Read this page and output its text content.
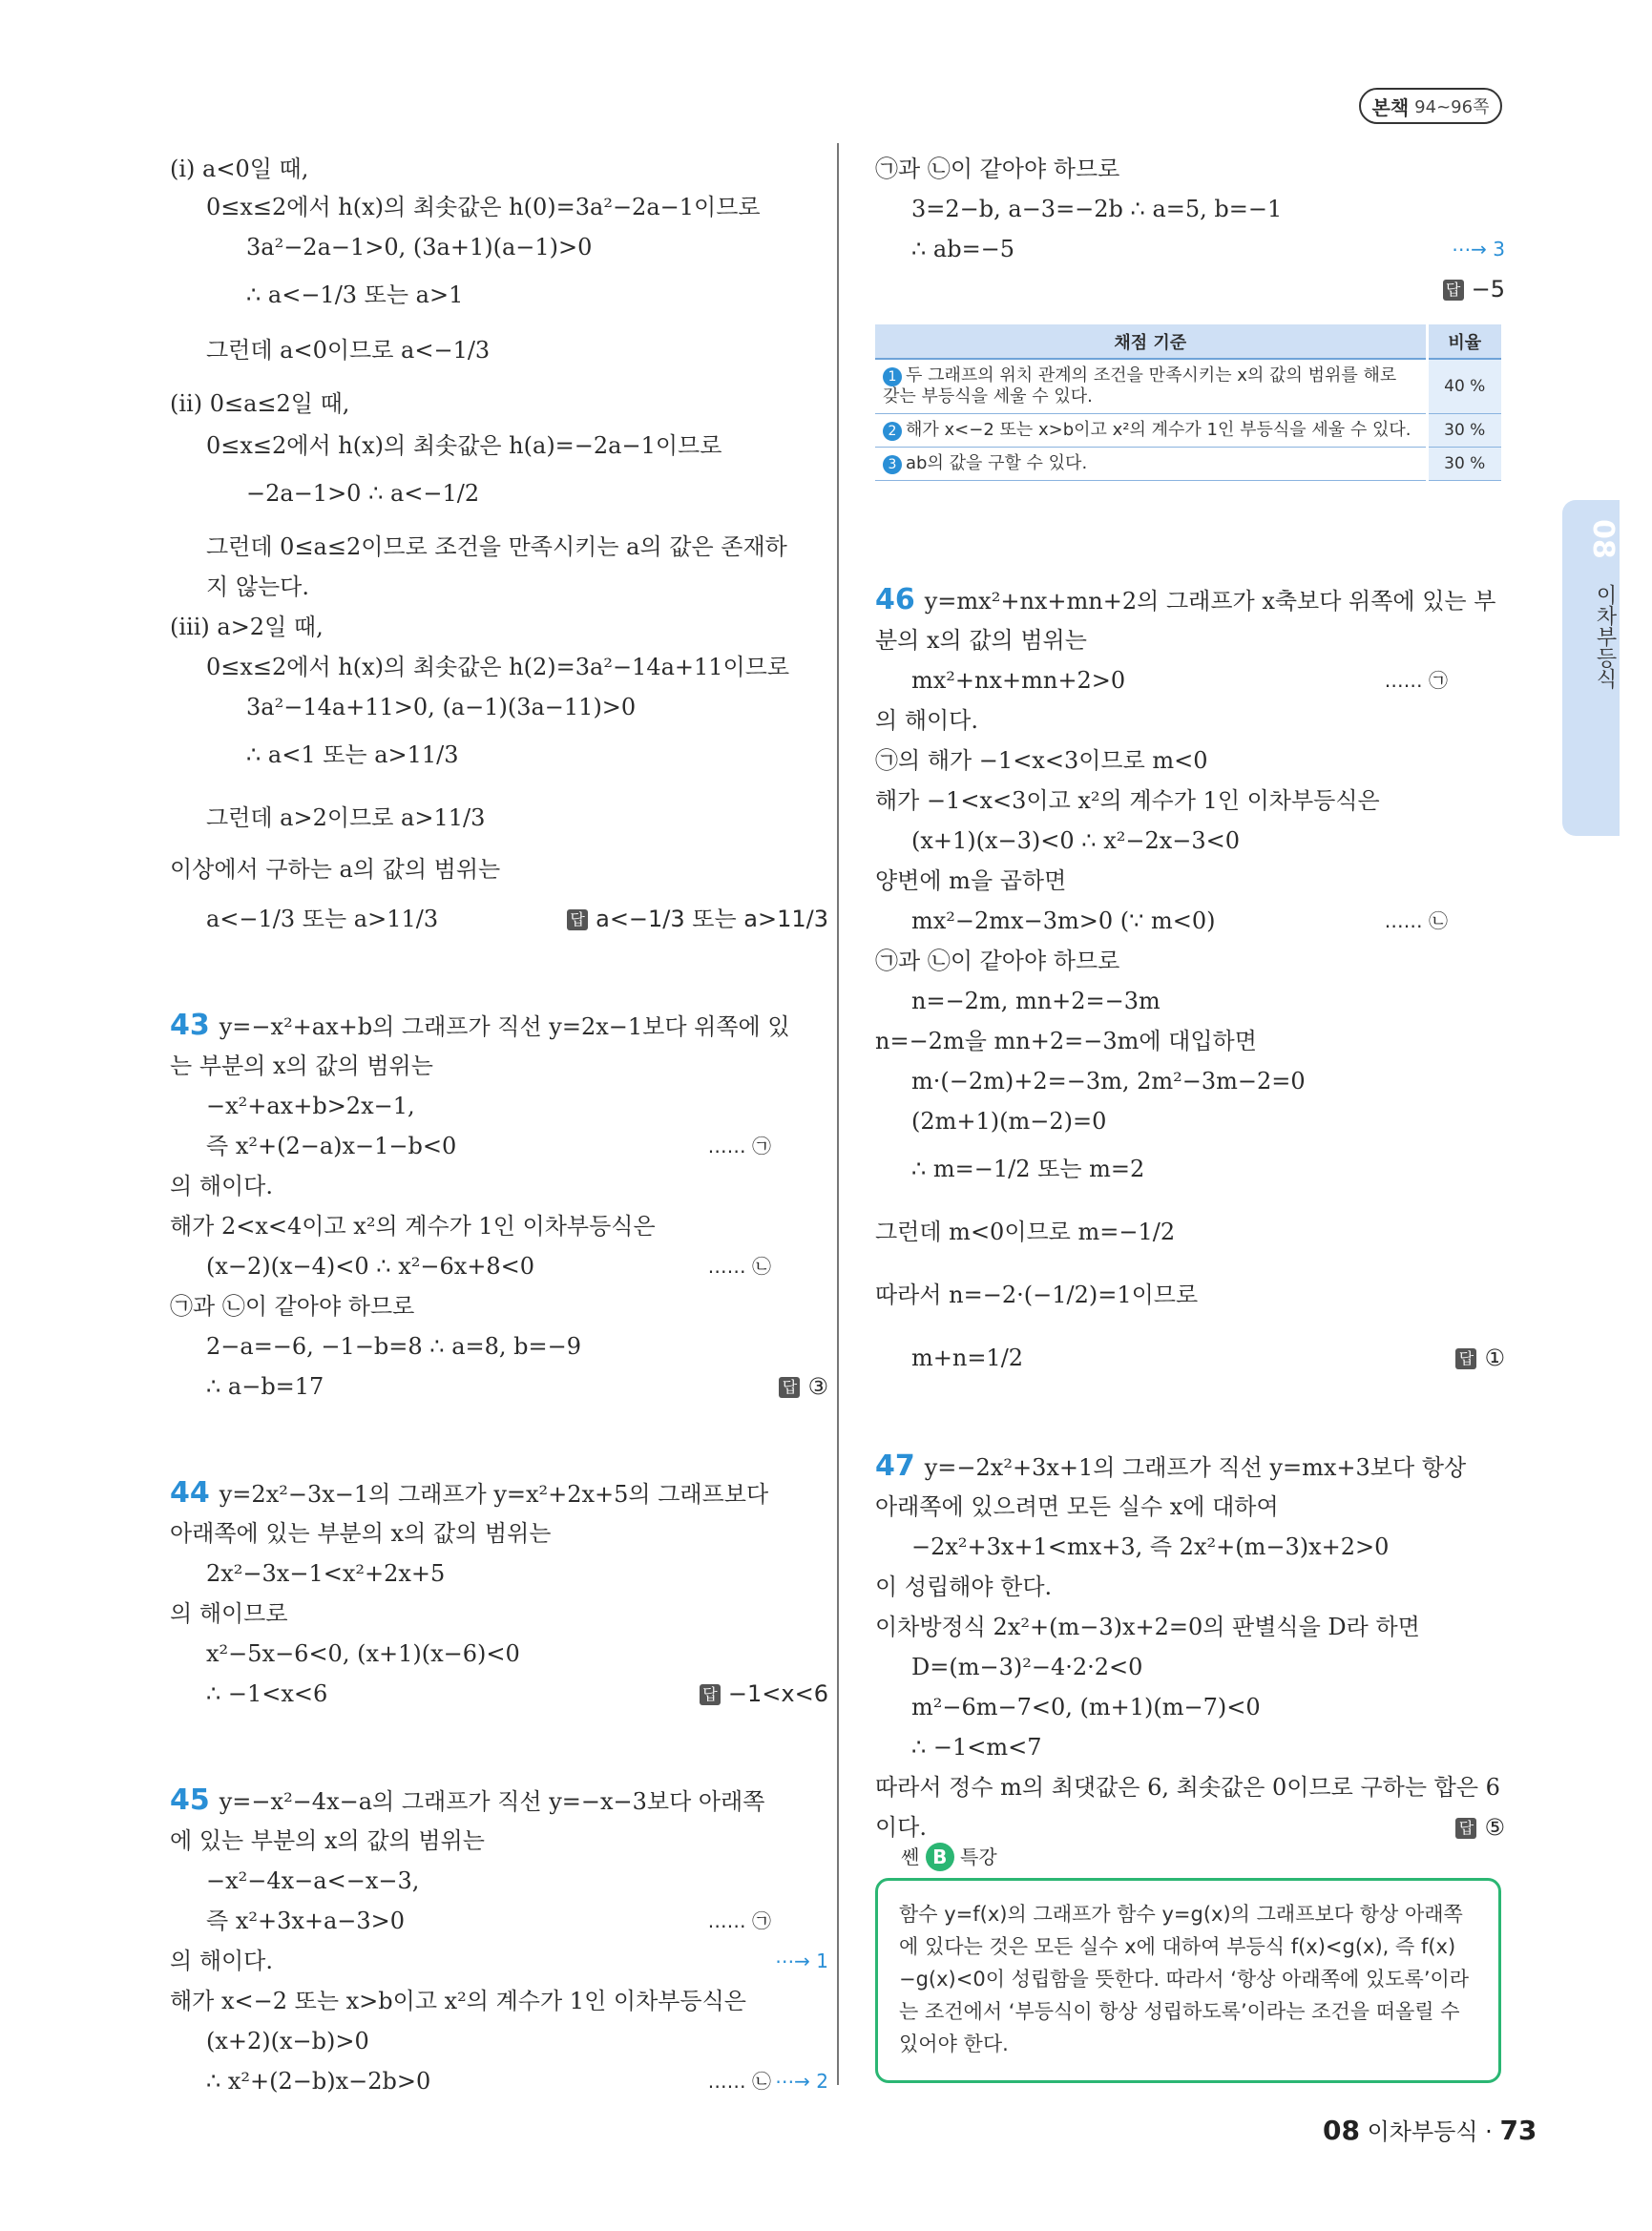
본책 94~96쪽
(ⅰ) a<0일 때,
0≤x≤2에서 h(x)의 최솟값은 h(0)=3a²−2a−1이므로
3a²−2a−1>0, (3a+1)(a−1)>0
∴ a<−1/3 또는 a>1
그런데 a<0이므로 a<−1/3
(ⅱ) 0≤a≤2일 때,
0≤x≤2에서 h(x)의 최솟값은 h(a)=−2a−1이므로
−2a−1>0 ∴ a<−1/2
그런데 0≤a≤2이므로 조건을 만족시키는 a의 값은 존재하
지 않는다.
(ⅲ) a>2일 때,
0≤x≤2에서 h(x)의 최솟값은 h(2)=3a²−14a+11이므로
3a²−14a+11>0, (a−1)(3a−11)>0
∴ a<1 또는 a>11/3
그런데 a>2이므로 a>11/3
이상에서 구하는 a의 값의 범위는
a<−1/3 또는 a>11/3
43 y=−x²+ax+b의 그래프가 직선 y=2x−1보다 위쪽에 있
는 부분의 x의 값의 범위는
−x²+ax+b>2x−1,
즉 x²+(2−a)x−1−b<0
의 해이다.
해가 2<x<4이고 x²의 계수가 1인 이차부등식은
(x−2)(x−4)<0 ∴ x²−6x+8<0
㉠과 ㉡이 같아야 하므로
2−a=−6, −1−b=8 ∴ a=8, b=−9
∴ a−b=17
44 y=2x²−3x−1의 그래프가 y=x²+2x+5의 그래프보다
아래쪽에 있는 부분의 x의 값의 범위는
2x²−3x−1<x²+2x+5
의 해이므로
x²−5x−6<0, (x+1)(x−6)<0
∴ −1<x<6
45 y=−x²−4x−a의 그래프가 직선 y=−x−3보다 아래쪽
에 있는 부분의 x의 값의 범위는
−x²−4x−a<−x−3,
즉 x²+3x+a−3>0
의 해이다.
해가 x<−2 또는 x>b이고 x²의 계수가 1인 이차부등식은
(x+2)(x−b)>0
∴ x²+(2−b)x−2b>0
…… ㉠
…… ㉡
…… ㉠
…… ㉡
답 a<−1/3 또는 a>11/3
답 ③
답 −1<x<6
⋯→ 1
⋯→ 2
㉠과 ㉡이 같아야 하므로
3=2−b, a−3=−2b ∴ a=5, b=−1
∴ ab=−5
46 y=mx²+nx+mn+2의 그래프가 x축보다 위쪽에 있는 부
분의 x의 값의 범위는
mx²+nx+mn+2>0
의 해이다.
㉠의 해가 −1<x<3이므로 m<0
해가 −1<x<3이고 x²의 계수가 1인 이차부등식은
(x+1)(x−3)<0 ∴ x²−2x−3<0
양변에 m을 곱하면
mx²−2mx−3m>0 (∵ m<0)
㉠과 ㉡이 같아야 하므로
n=−2m, mn+2=−3m
n=−2m을 mn+2=−3m에 대입하면
m·(−2m)+2=−3m, 2m²−3m−2=0
(2m+1)(m−2)=0
∴ m=−1/2 또는 m=2
그런데 m<0이므로 m=−1/2
따라서 n=−2·(−1/2)=1이므로
m+n=1/2
47 y=−2x²+3x+1의 그래프가 직선 y=mx+3보다 항상
아래쪽에 있으려면 모든 실수 x에 대하여
−2x²+3x+1<mx+3, 즉 2x²+(m−3)x+2>0
이 성립해야 한다.
이차방정식 2x²+(m−3)x+2=0의 판별식을 D라 하면
D=(m−3)²−4·2·2<0
m²−6m−7<0, (m+1)(m−7)<0
∴ −1<m<7
따라서 정수 m의 최댓값은 6, 최솟값은 0이므로 구하는 합은 6
이다.
…… ㉠
…… ㉡
답 −5
답 ①
답 ⑤
⋯→ 3
채점 기준	비율
1 두 그래프의 위치 관계의 조건을 만족시키는 x의 값의 범위를 해로 갖는 부등식을 세울 수 있다.	40 %
2 해가 x<−2 또는 x>b이고 x²의 계수가 1인 부등식을 세울 수 있다.	30 %
3 ab의 값을 구할 수 있다.	30 %
08
이차부등식
쎈 B 특강

함수 y=f(x)의 그래프가 함수 y=g(x)의 그래프보다 항상 아래쪽에 있다는 것은 모든 실수 x에 대하여 부등식 f(x)<g(x), 즉 f(x)−g(x)<0이 성립함을 뜻한다. 따라서 ‘항상 아래쪽에 있도록’이라는 조건에서 ‘부등식이 항상 성립하도록’이라는 조건을 떠올릴 수 있어야 한다.

08 이차부등식 · 73
